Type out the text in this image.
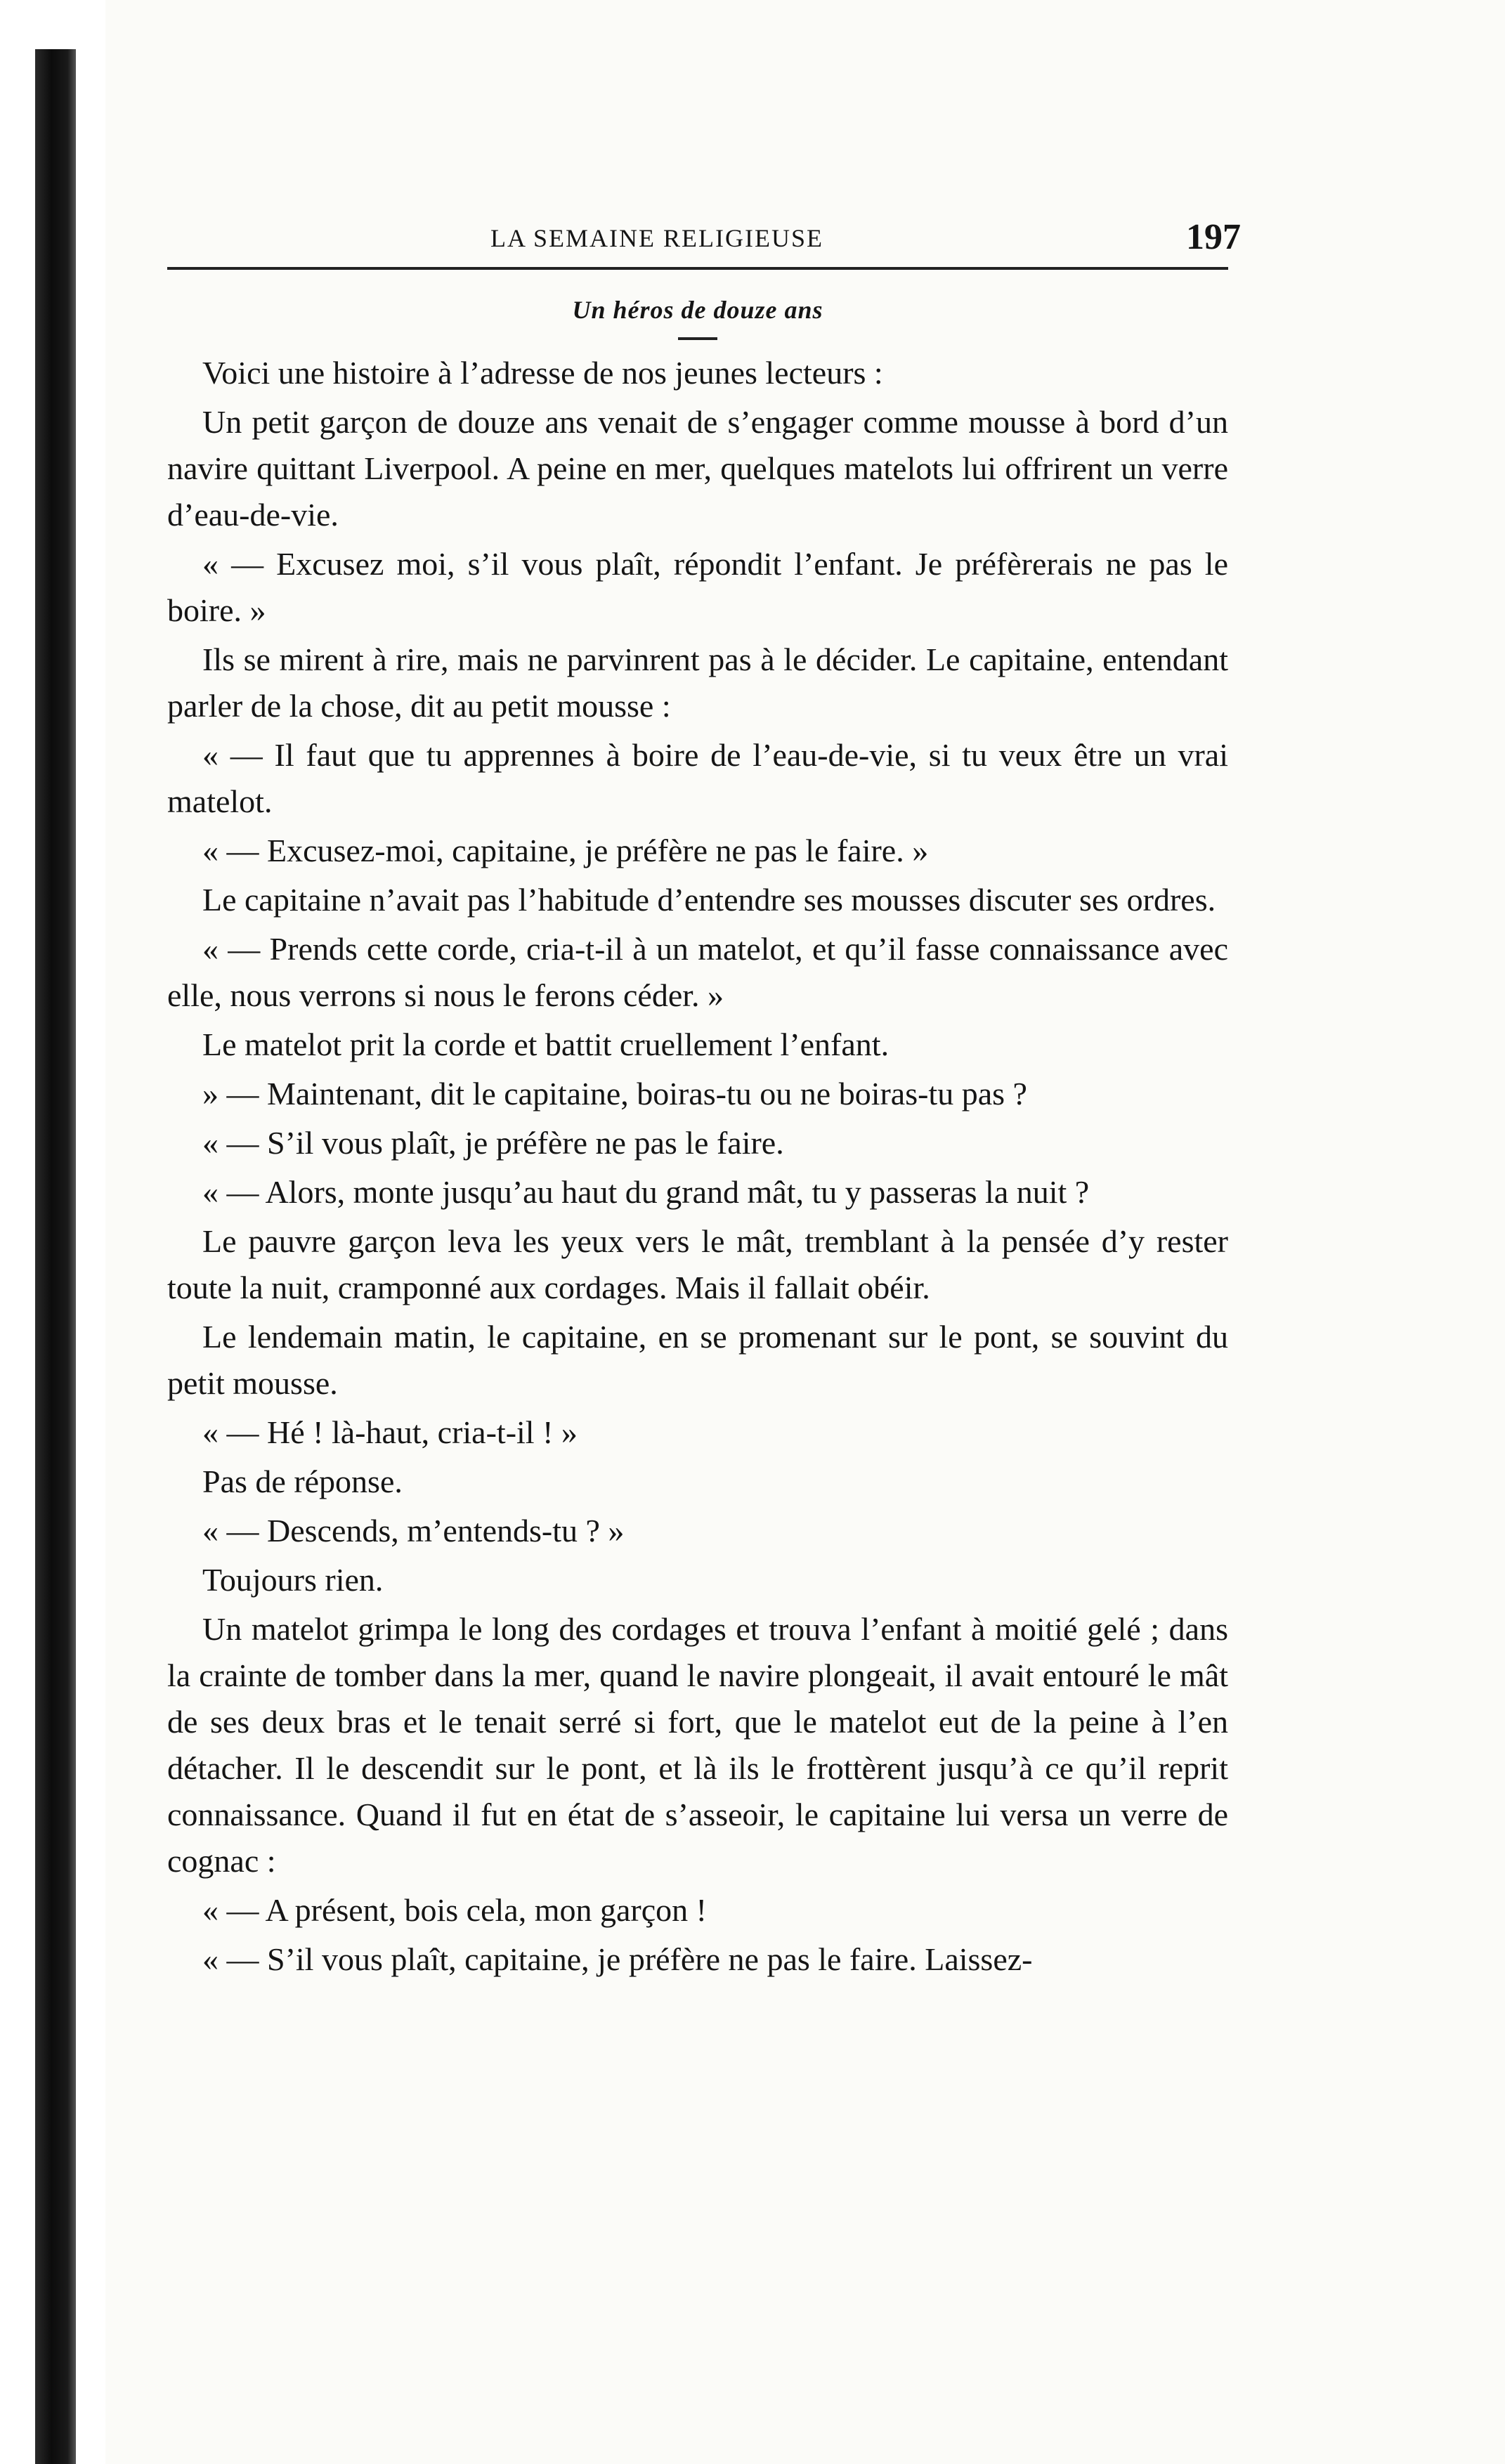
LA SEMAINE RELIGIEUSE	197
Un héros de douze ans

Voici une histoire à l’adresse de nos jeunes lecteurs :

Un petit garçon de douze ans venait de s’engager comme mousse à bord d’un navire quittant Liverpool. A peine en mer, quelques matelots lui offrirent un verre d’eau-de-vie.

« — Excusez moi, s’il vous plaît, répondit l’enfant. Je préfèrerais ne pas le boire. »

Ils se mirent à rire, mais ne parvinrent pas à le décider. Le capitaine, entendant parler de la chose, dit au petit mousse :

« — Il faut que tu apprennes à boire de l’eau-de-vie, si tu veux être un vrai matelot.

« — Excusez-moi, capitaine, je préfère ne pas le faire. »

Le capitaine n’avait pas l’habitude d’entendre ses mousses discuter ses ordres.

« — Prends cette corde, cria-t-il à un matelot, et qu’il fasse connaissance avec elle, nous verrons si nous le ferons céder. »

Le matelot prit la corde et battit cruellement l’enfant.

» — Maintenant, dit le capitaine, boiras-tu ou ne boiras-tu pas ?

« — S’il vous plaît, je préfère ne pas le faire.

« — Alors, monte jusqu’au haut du grand mât, tu y passeras la nuit ?

Le pauvre garçon leva les yeux vers le mât, tremblant à la pensée d’y rester toute la nuit, cramponné aux cordages. Mais il fallait obéir.

Le lendemain matin, le capitaine, en se promenant sur le pont, se souvint du petit mousse.

« — Hé ! là-haut, cria-t-il ! »

Pas de réponse.

« — Descends, m’entends-tu ? »

Toujours rien.

Un matelot grimpa le long des cordages et trouva l’enfant à moitié gelé ; dans la crainte de tomber dans la mer, quand le navire plongeait, il avait entouré le mât de ses deux bras et le tenait serré si fort, que le matelot eut de la peine à l’en détacher. Il le descendit sur le pont, et là ils le frottèrent jusqu’à ce qu’il reprit connaissance. Quand il fut en état de s’asseoir, le capitaine lui versa un verre de cognac :

« — A présent, bois cela, mon garçon !

« — S’il vous plaît, capitaine, je préfère ne pas le faire. Laissez-
